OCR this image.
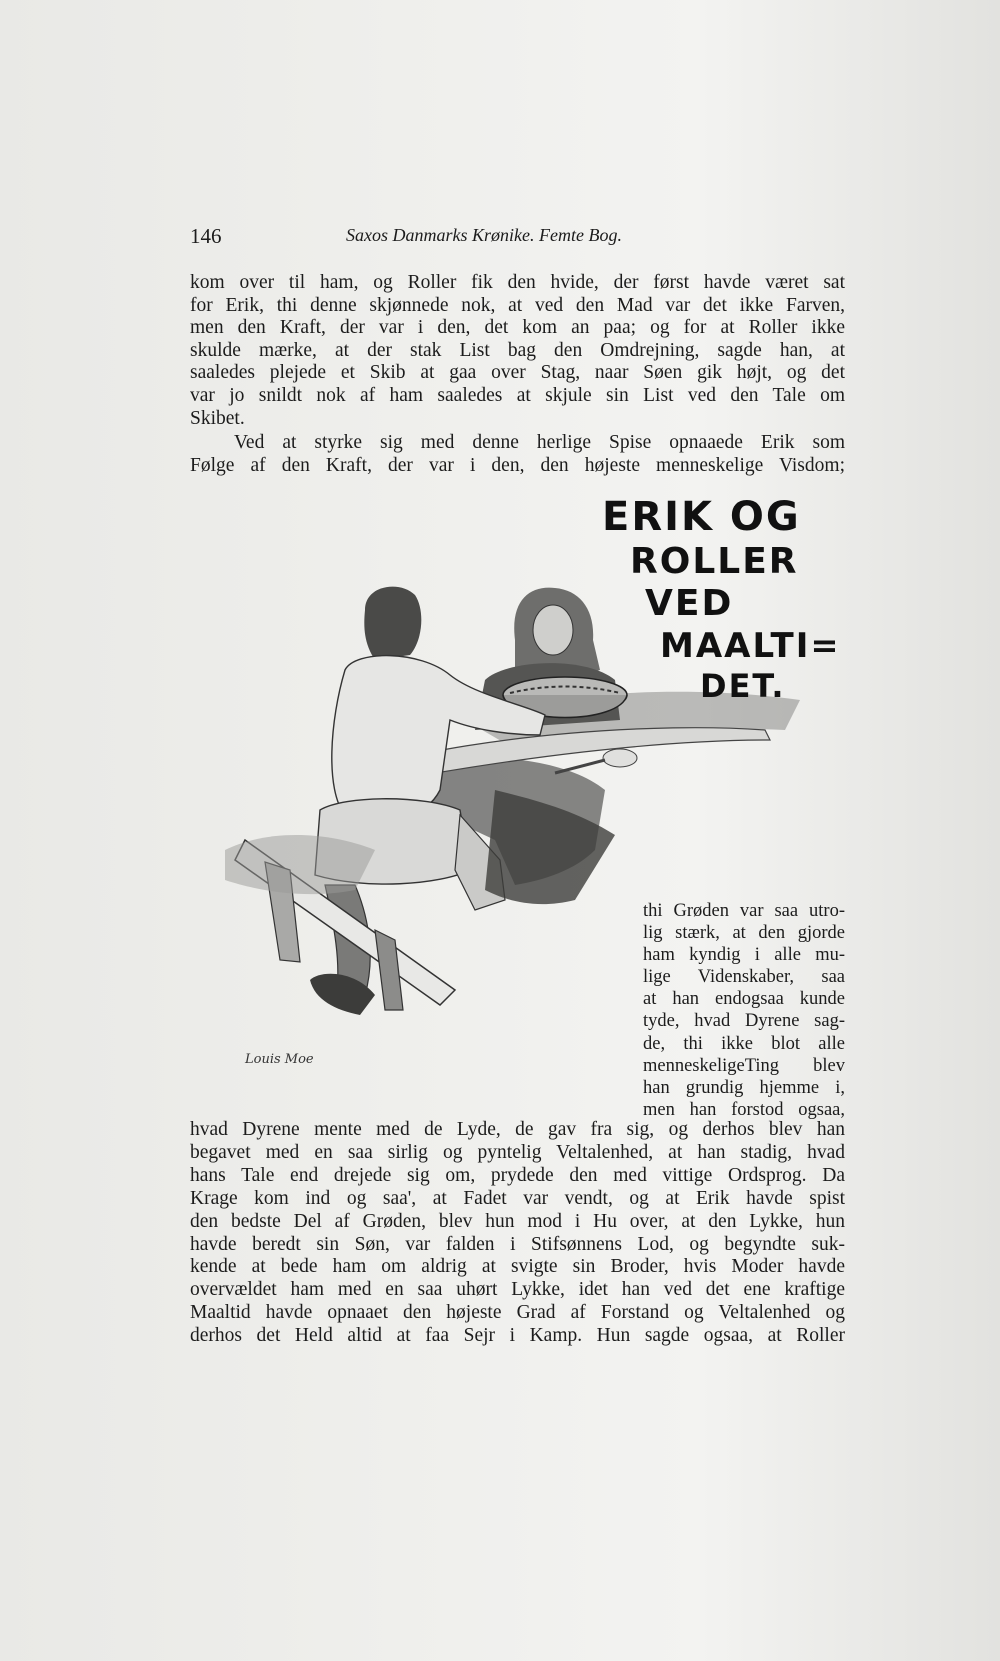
146	Saxos Danmarks Krønike. Femte Bog.
kom over til ham, og Roller fik den hvide, der først havde været sat
for Erik, thi denne skjønnede nok, at ved den Mad var det ikke Farven,
men den Kraft, der var i den, det kom an paa; og for at Roller ikke
skulde mærke, at der stak List bag den Omdrejning, sagde han, at
saaledes plejede et Skib at gaa over Stag, naar Søen gik højt, og det
var jo snildt nok af ham saaledes at skjule sin List ved den Tale om
Skibet.
Ved at styrke sig med denne herlige Spise opnaaede Erik som
Følge af den Kraft, der var i den, den højeste menneskelige Visdom;
ERIK OG
ROLLER
VED
MAALTI=
DET.
Louis Moe
thi Grøden var saa utro-
lig stærk, at den gjorde
ham kyndig i alle mu-
lige Videnskaber, saa
at han endogsaa kunde
tyde, hvad Dyrene sag-
de, thi ikke blot alle
menneskeligeTing blev
han grundig hjemme i,
men han forstod ogsaa,
hvad Dyrene mente med de Lyde, de gav fra sig, og derhos blev han
begavet med en saa sirlig og pyntelig Veltalenhed, at han stadig, hvad
hans Tale end drejede sig om, prydede den med vittige Ordsprog. Da
Krage kom ind og saa', at Fadet var vendt, og at Erik havde spist
den bedste Del af Grøden, blev hun mod i Hu over, at den Lykke, hun
havde beredt sin Søn, var falden i Stifsønnens Lod, og begyndte suk-
kende at bede ham om aldrig at svigte sin Broder, hvis Moder havde
overvældet ham med en saa uhørt Lykke, idet han ved det ene kraftige
Maaltid havde opnaaet den højeste Grad af Forstand og Veltalenhed og
derhos det Held altid at faa Sejr i Kamp. Hun sagde ogsaa, at Roller
